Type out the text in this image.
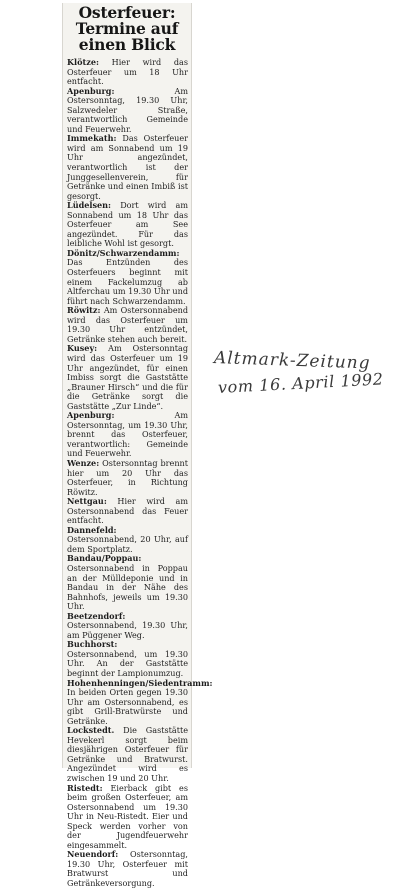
Osterfeuer:
Termine auf
einen Blick

Klötze: Hier wird das Osterfeuer um 18 Uhr entfacht.

Apenburg:	Am Ostersonntag, 19.30 Uhr, Salzwedeler Straße, verantwortlich Gemeinde und Feuerwehr.

Immekath: Das Osterfeuer wird am Sonnabend um 19 Uhr angezündet, verantwortlich ist der Junggesellenverein, für Getränke und einen Imbiß ist gesorgt.

Lüdelsen: Dort wird am Sonnabend um 18 Uhr das Osterfeuer am See angezündet. Für das leibliche Wohl ist gesorgt.

Dönitz/Schwarzendamm: Das Entzünden des Osterfeuers beginnt mit einem Fackelumzug ab Altferchau um 19.30 Uhr und führt nach Schwarzendamm.

Röwitz: Am Ostersonnabend wird das Osterfeuer um 19.30 Uhr entzündet, Getränke stehen auch bereit.

Kusey: Am Ostersonntag wird das Osterfeuer um 19 Uhr angezündet, für einen Imbiss sorgt die Gaststätte „Brauner Hirsch“ und die für die Getränke sorgt die Gaststätte „Zur Linde“.

Apenburg:	Am Ostersonntag, um 19.30 Uhr, brennt das Osterfeuer, verantwortlich: Gemeinde und Feuerwehr.

Wenze: Ostersonntag brennt hier um 20 Uhr das Osterfeuer, in Richtung Röwitz.

Nettgau: Hier wird am Ostersonnabend das Feuer entfacht.

Dannefeld: Ostersonnabend, 20 Uhr, auf dem Sportplatz.

Bandau/Poppau: Ostersonnabend in Poppau an der Mülldeponie und in Bandau in der Nähe des Bahnhofs, jeweils um 19.30 Uhr.

Beetzendorf: Ostersonnabend, 19.30 Uhr, am Püggener Weg.

Buchhorst: Ostersonnabend, um 19.30 Uhr. An der Gaststätte beginnt der Lampionumzug.

Hohenhenningen/Siedentramm: In beiden Orten gegen 19.30 Uhr am Ostersonnabend, es gibt Grill-Bratwürste und Getränke.

Lockstedt. Die Gaststätte Hevekerl sorgt beim diesjährigen Osterfeuer für Getränke und Bratwurst. Angezündet wird es zwischen 19 und 20 Uhr.

Ristedt: Eierback gibt es beim großen Osterfeuer, am Ostersonnabend um 19.30 Uhr in Neu-Ristedt. Eier und Speck werden vorher von der Jugendfeuerwehr eingesammelt.

Neuendorf: Ostersonntag, 19.30 Uhr, Osterfeuer mit Bratwurst und Getränkeversorgung.

Altmark-Zeitung
vom 16. April 1992
